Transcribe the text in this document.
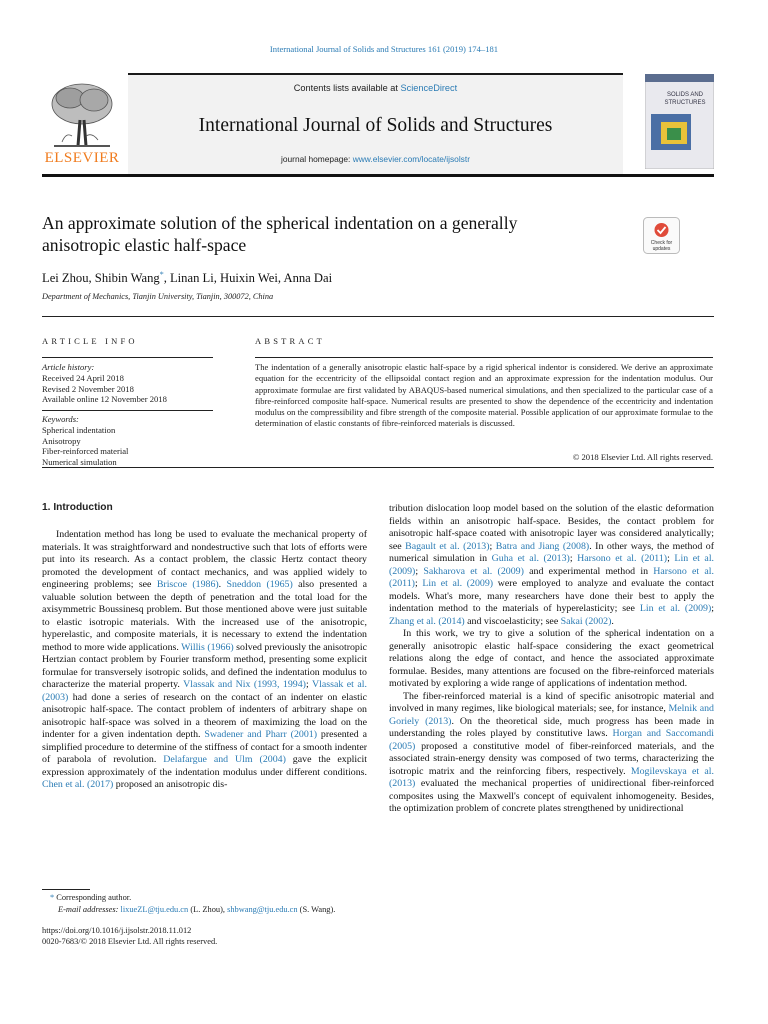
International Journal of Solids and Structures 161 (2019) 174–181
ELSEVIER
Contents lists available at ScienceDirect
International Journal of Solids and Structures
journal homepage: www.elsevier.com/locate/ijsolstr
SOLIDS AND
STRUCTURES
An approximate solution of the spherical indentation on a generally
anisotropic elastic half-space	Check for
updates
Lei Zhou, Shibin Wang*, Linan Li, Huixin Wei, Anna Dai
Department of Mechanics, Tianjin University, Tianjin, 300072, China
ARTICLE INFO
Article history:
Received 24 April 2018
Revised 2 November 2018
Available online 12 November 2018
Keywords:
Spherical indentation
Anisotropy
Fiber-reinforced material
Numerical simulation
ABSTRACT
The indentation of a generally anisotropic elastic half-space by a rigid spherical indentor is considered. We derive an approximate equation for the eccentricity of the ellipsoidal contact region and an approximate expression for the indentation modulus. Our approximate formulae are first validated by ABAQUS-based numerical simulations, and then specialized to the particular case of a fibre-reinforced composite half-space. Numerical results are presented to show the dependence of the eccentricity and indentation modulus on the compressibility and fibre strength of the composite material. Possible application of our approximate formulae to the determination of elastic constants of fibre-reinforced materials is discussed.
© 2018 Elsevier Ltd. All rights reserved.
1. Introduction

Indentation method has long be used to evaluate the mechanical property of materials. It was straightforward and nondestructive such that lots of efforts were put into its research. As a contact problem, the classic Hertz contact theory promoted the development of contact mechanics, and was applied widely to engineering problems; see Briscoe (1986). Sneddon (1965) also presented a valuable solution between the depth of penetration and the total load for the axisymmetric Boussinesq problem. But those mentioned above were just suitable to elastic isotropic materials. With the increased use of the anisotropic, hyperelastic, and composite materials, it is necessary to extend the indentation method to more wide applications. Willis (1966) solved previously the anisotropic Hertzian contact problem by Fourier transform method, presenting some explicit formulae for transversely isotropic solids, and defined the indentation modulus to characterize the material property. Vlassak and Nix (1993, 1994); Vlassak et al. (2003) had done a series of research on the contact of an indenter on elastic anisotropic half-space. The contact problem of indenters of arbitrary shape on anisotropic half-space was solved in a theorem of maximizing the load on the indenter for a given indentation depth. Swadener and Pharr (2001) presented a simplified procedure to determine of the stiffness of contact for a smooth indenter of parabola of revolution. Delafargue and Ulm (2004) gave the explicit expression approximately of the indentation modulus under different conditions. Chen et al. (2017) proposed an anisotropic dis-

tribution dislocation loop model based on the solution of the elastic deformation fields within an anisotropic half-space. Besides, the contact problem for anisotropic half-space coated with anisotropic layer was considered analytically; see Bagault et al. (2013); Batra and Jiang (2008). In other ways, the method of numerical simulation in Guha et al. (2013); Harsono et al. (2011); Lin et al. (2009); Sakharova et al. (2009) and experimental method in Harsono et al. (2011); Lin et al. (2009) were employed to analyze and evaluate the contact models. What's more, many researchers have done their best to apply the indentation method to the materials of hyperelasticity; see Lin et al. (2009); Zhang et al. (2014) and viscoelasticity; see Sakai (2002).

In this work, we try to give a solution of the spherical indentation on a generally anisotropic elastic half-space considering the exact geometrical relations along the edge of contact, and hence the associated approximate formulae. Besides, many attentions are focused on the fibre-reinforced materials motivated by exploring a wide range of applications of indentation method.

The fiber-reinforced material is a kind of specific anisotropic material and involved in many regimes, like biological materials; see, for instance, Melnik and Goriely (2013). On the theoretical side, much progress has been made in understanding the roles played by constitutive laws. Horgan and Saccomandi (2005) proposed a constitutive model of fiber-reinforced materials, and the associated strain-energy density was composed of two terms, characterizing the isotropic matrix and the reinforcing fibers, respectively. Mogilevskaya et al. (2013) evaluated the mechanical properties of unidirectional fiber-reinforced composites using the Maxwell's concept of equivalent inhomogeneity. Besides, the optimization problem of concrete plates strengthened by unidirectional

* Corresponding author.
E-mail addresses: lixueZL@tju.edu.cn (L. Zhou), shbwang@tju.edu.cn (S. Wang).
https://doi.org/10.1016/j.ijsolstr.2018.11.012
0020-7683/© 2018 Elsevier Ltd. All rights reserved.
